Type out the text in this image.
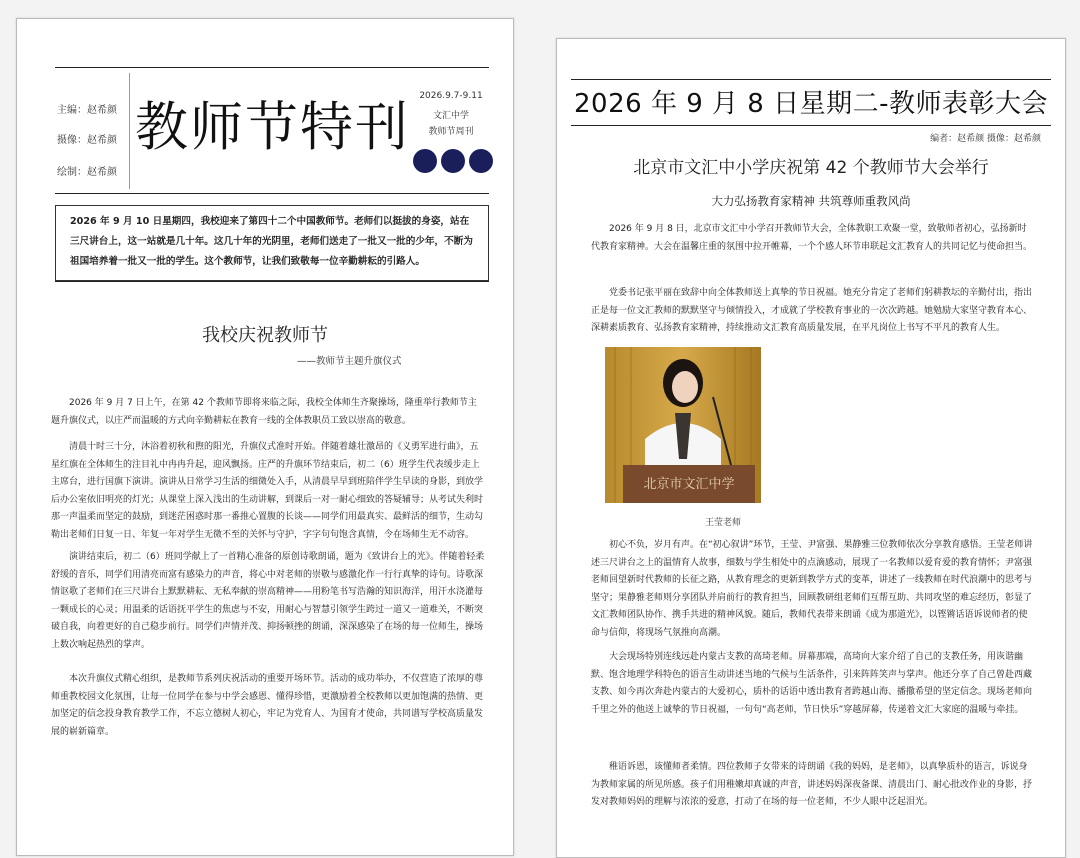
主编：赵希颜
摄像：赵希颜
绘制：赵希颜
教师节特刊
2026.9.7-9.11
文汇中学
教师节周刊
2026 年 9 月 10 日星期四，我校迎来了第四十二个中国教师节。老师们以挺拔的身姿，站在三尺讲台上，这一站就是几十年。这几十年的光阴里，老师们送走了一批又一批的少年，不断为祖国培养着一批又一批的学生。这个教师节，让我们致敬每一位辛勤耕耘的引路人。
我校庆祝教师节
——教师节主题升旗仪式
2026 年 9 月 7 日上午，在第 42 个教师节即将来临之际，我校全体师生齐聚操场，隆重举行教师节主题升旗仪式，以庄严而温暖的方式向辛勤耕耘在教育一线的全体教职员工致以崇高的敬意。
清晨十时三十分，沐浴着初秋和煦的阳光，升旗仪式准时开始。伴随着雄壮激昂的《义勇军进行曲》，五星红旗在全体师生的注目礼中冉冉升起，迎风飘扬。庄严的升旗环节结束后，初二（6）班学生代表缓步走上主席台，进行国旗下演讲。演讲从日常学习生活的细微处入手，从清晨早早到班陪伴学生早读的身影，到放学后办公室依旧明亮的灯光；从课堂上深入浅出的生动讲解，到课后一对一耐心细致的答疑辅导；从考试失利时那一声温柔而坚定的鼓励，到迷茫困惑时那一番推心置腹的长谈——同学们用最真实、最鲜活的细节，生动勾勒出老师们日复一日、年复一年对学生无微不至的关怀与守护，字字句句饱含真情，令在场师生无不动容。
演讲结束后，初二（6）班同学献上了一首精心准备的原创诗歌朗诵，题为《致讲台上的光》。伴随着轻柔舒缓的音乐，同学们用清亮而富有感染力的声音，将心中对老师的崇敬与感激化作一行行真挚的诗句。诗歌深情讴歌了老师们在三尺讲台上默默耕耘、无私奉献的崇高精神——用粉笔书写浩瀚的知识海洋，用汗水浇灌每一颗成长的心灵；用温柔的话语抚平学生的焦虑与不安，用耐心与智慧引领学生跨过一道又一道难关，不断突破自我，向着更好的自己稳步前行。同学们声情并茂、抑扬顿挫的朗诵，深深感染了在场的每一位师生，操场上数次响起热烈的掌声。
本次升旗仪式精心组织，是教师节系列庆祝活动的重要开场环节。活动的成功举办，不仅营造了浓厚的尊师重教校园文化氛围，让每一位同学在参与中学会感恩、懂得珍惜，更激励着全校教师以更加饱满的热情、更加坚定的信念投身教育教学工作，不忘立德树人初心，牢记为党育人、为国育才使命，共同谱写学校高质量发展的崭新篇章。
2026 年 9 月 8 日星期二-教师表彰大会
编者：赵希颜 摄像：赵希颜
北京市文汇中小学庆祝第 42 个教师节大会举行
大力弘扬教育家精神 共筑尊师重教风尚
2026 年 9 月 8 日，北京市文汇中小学召开教师节大会，全体教职工欢聚一堂，致敬师者初心，弘扬新时代教育家精神。大会在温馨庄重的氛围中拉开帷幕，一个个感人环节串联起文汇教育人的共同记忆与使命担当。
党委书记张平丽在致辞中向全体教师送上真挚的节日祝福。她充分肯定了老师们躬耕教坛的辛勤付出，指出正是每一位文汇教师的默默坚守与倾情投入，才成就了学校教育事业的一次次跨越。她勉励大家坚守教育本心、深耕素质教育、弘扬教育家精神，持续推动文汇教育高质量发展，在平凡岗位上书写不平凡的教育人生。
北京市文汇中学
王莹老师
初心不负，岁月有声。在“初心叙讲”环节，王莹、尹富强、果静雅三位教师依次分享教育感悟。王莹老师讲述三尺讲台之上的温情育人故事，细数与学生相处中的点滴感动，展现了一名教师以爱育爱的教育情怀；尹富强老师回望新时代教师的长征之路，从教育理念的更新到教学方式的变革，讲述了一线教师在时代浪潮中的思考与坚守；果静雅老师则分享团队并肩前行的教育担当，回顾教研组老师们互帮互助、共同攻坚的难忘经历，彰显了文汇教师团队协作、携手共进的精神风貌。随后，教师代表带来朗诵《成为那道光》，以铿锵话语诉说师者的使命与信仰，将现场气氛推向高潮。
大会现场特别连线远赴内蒙古支教的高琦老师。屏幕那端，高琦向大家介绍了自己的支教任务，用诙谐幽默、饱含地理学科特色的语言生动讲述当地的气候与生活条件，引来阵阵笑声与掌声。他还分享了自己曾赴西藏支教、如今再次奔赴内蒙古的大爱初心，质朴的话语中透出教育者跨越山海、播撒希望的坚定信念。现场老师向千里之外的他送上诚挚的节日祝福，一句句“高老师，节日快乐”穿越屏幕，传递着文汇大家庭的温暖与牵挂。
稚语诉恩，该懂师者柔情。四位教师子女带来的诗朗诵《我的妈妈，是老师》，以真挚质朴的语言，诉说身为教师家属的所见所感。孩子们用稚嫩却真诚的声音，讲述妈妈深夜备课、清晨出门、耐心批改作业的身影，抒发对教师妈妈的理解与浓浓的爱意，打动了在场的每一位老师，不少人眼中泛起泪光。
